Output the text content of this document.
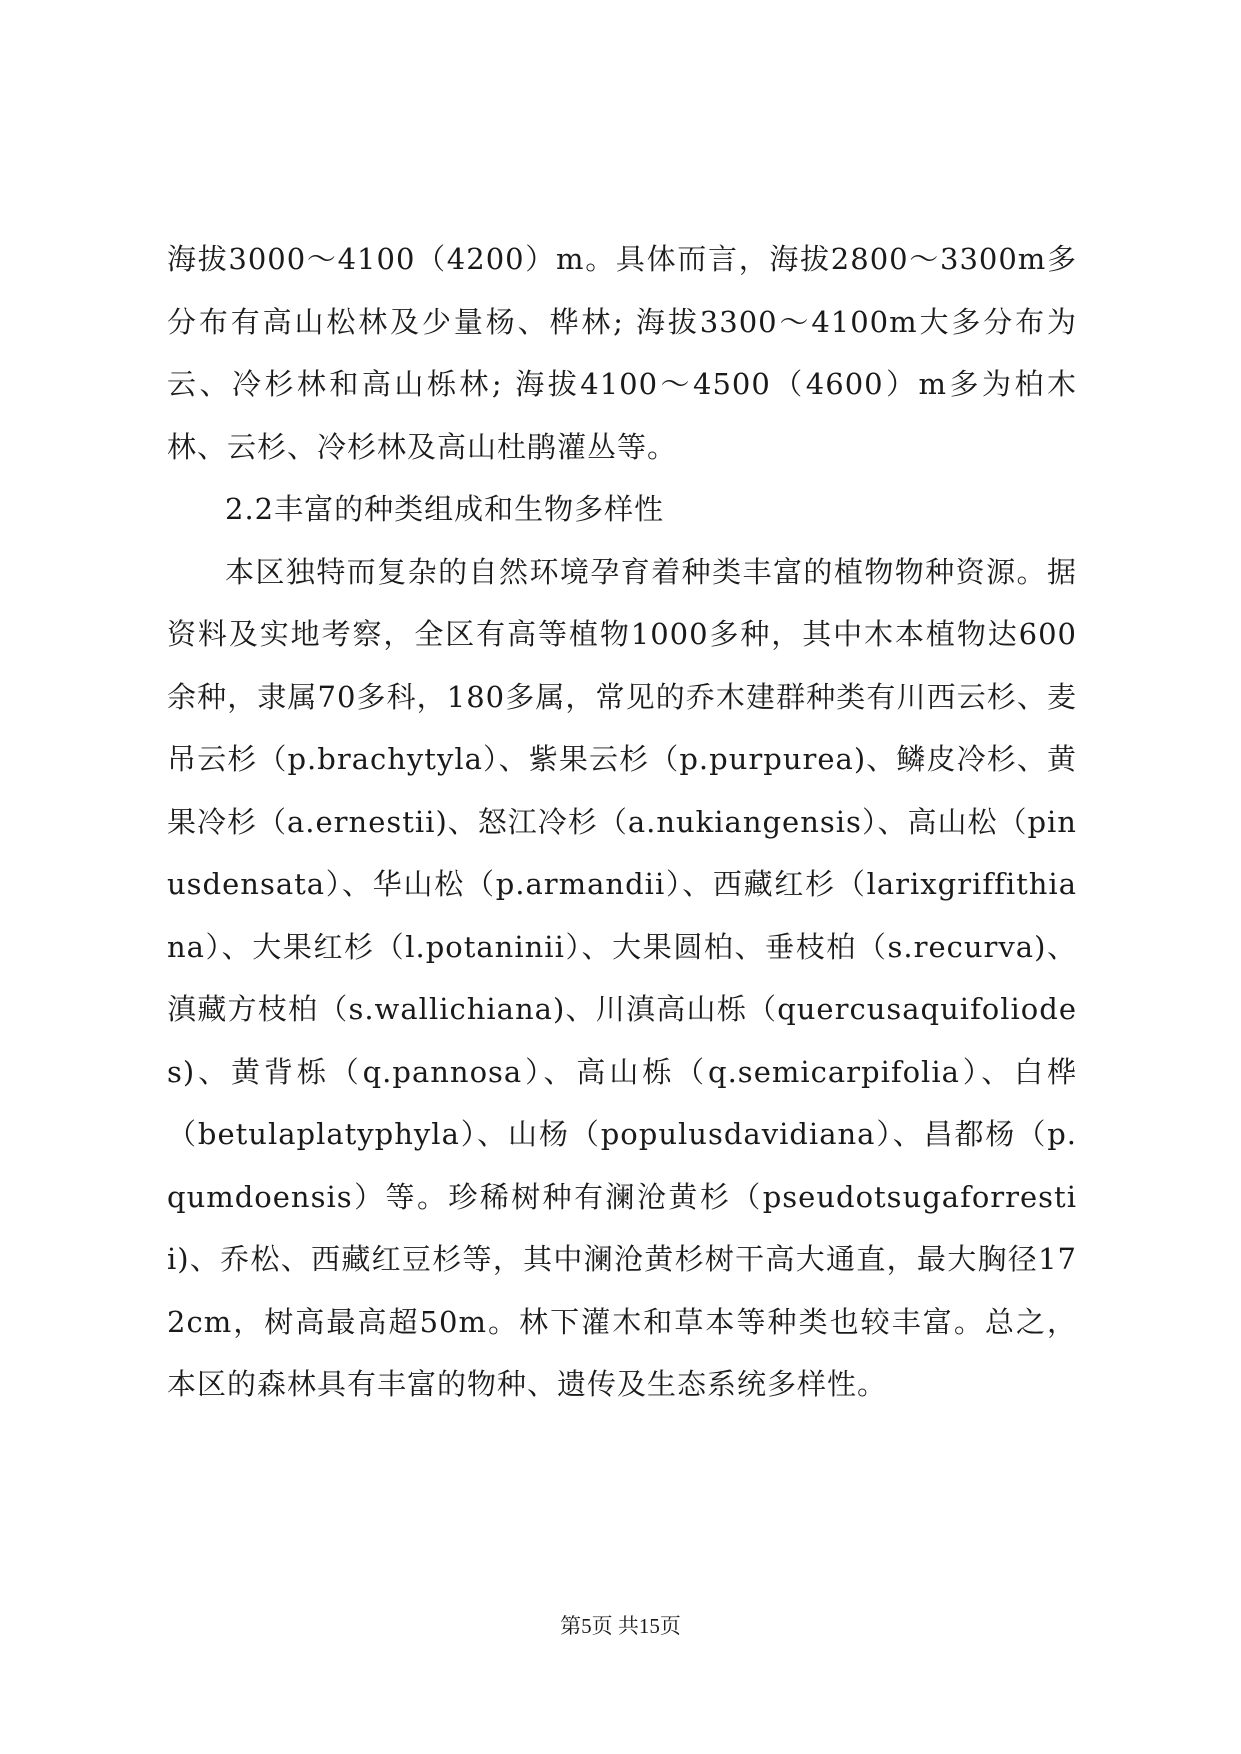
海拔3000～4100（4200）m。具体而言，海拔2800～3300m多分布有高山松林及少量杨、桦林; 海拔3300～4100m大多分布为云、冷杉林和高山栎林; 海拔4100～4500（4600）m多为柏木林、云杉、冷杉林及高山杜鹃灌丛等。

2.2丰富的种类组成和生物多样性

本区独特而复杂的自然环境孕育着种类丰富的植物物种资源。据资料及实地考察，全区有高等植物1000多种，其中木本植物达600余种，隶属70多科，180多属，常见的乔木建群种类有川西云杉、麦吊云杉（p.brachytyla）、紫果云杉（p.purpurea)、鳞皮冷杉、黄果冷杉（a.ernestii)、怒江冷杉（a.nukiangensis）、高山松（pinusdensata）、华山松（p.armandii）、西藏红杉（larixgriffithiana）、大果红杉（l.potaninii）、大果圆柏、垂枝柏（s.recurva)、滇藏方枝柏（s.wallichiana)、川滇高山栎（quercusaquifoliodes)、黄背栎（q.pannosa）、高山栎（q.semicarpifolia）、白桦（betulaplatyphyla）、山杨（populusdavidiana）、昌都杨（p.qumdoensis）等。珍稀树种有澜沧黄杉（pseudotsugaforrestii)、乔松、西藏红豆杉等，其中澜沧黄杉树干高大通直，最大胸径172cm，树高最高超50m。林下灌木和草本等种类也较丰富。总之，本区的森林具有丰富的物种、遗传及生态系统多样性。

第5页 共15页
